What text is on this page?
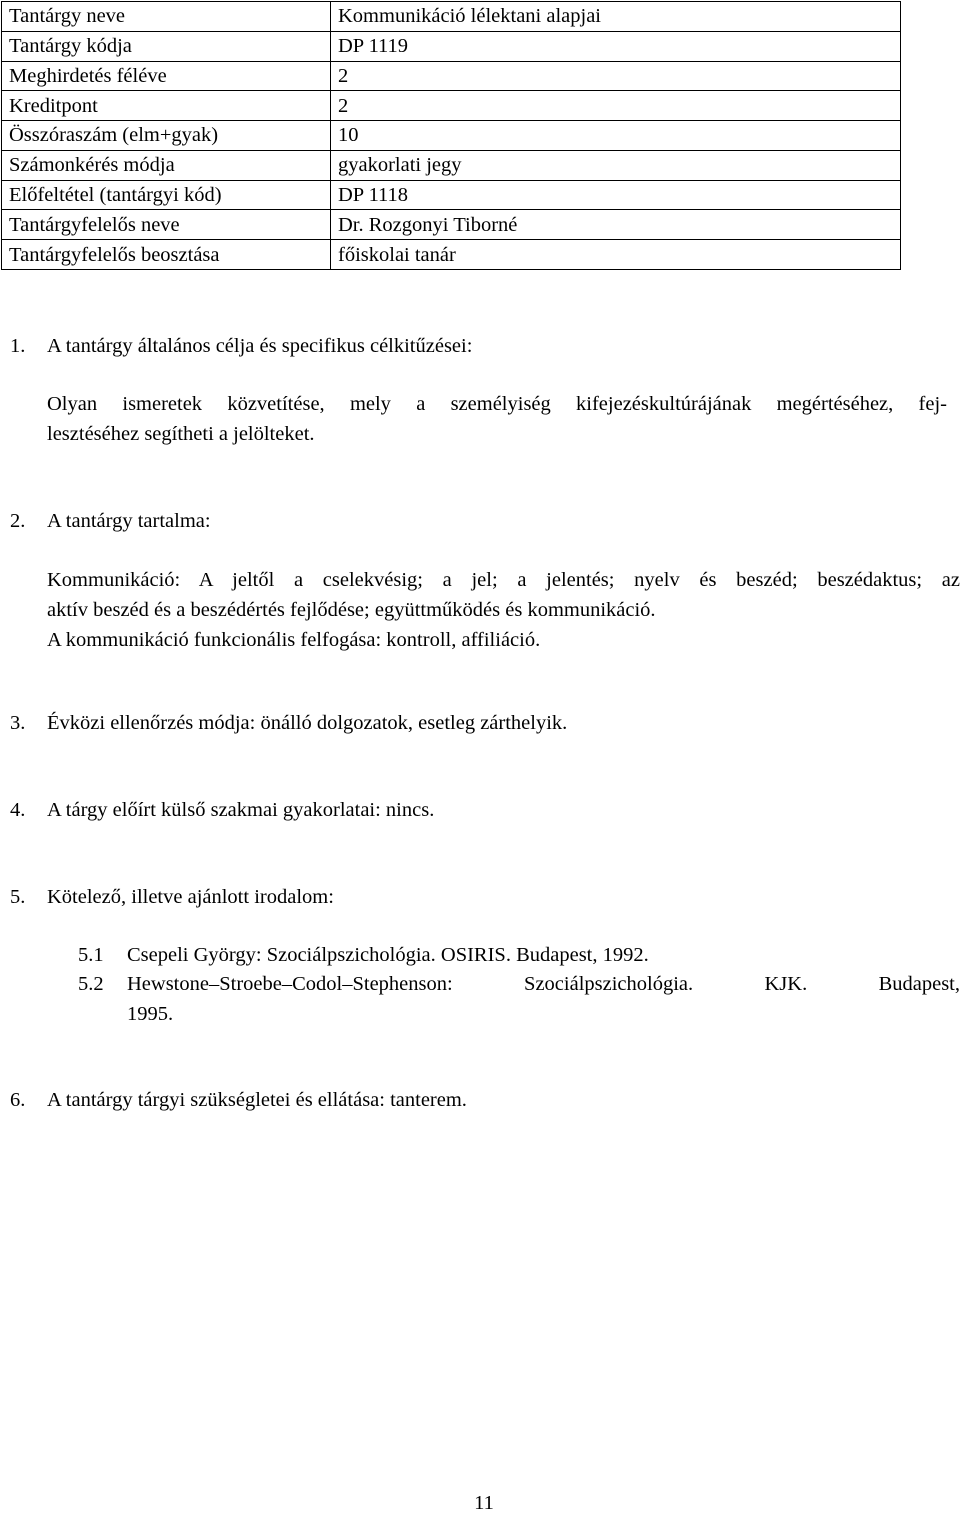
Tantárgy neve	Kommunikáció lélektani alapjai
Tantárgy kódja	DP 1119
Meghirdetés féléve	2
Kreditpont	2
Összóraszám (elm+gyak)	10
Számonkérés módja	gyakorlati jegy
Előfeltétel (tantárgyi kód)	DP 1118
Tantárgyfelelős neve	Dr. Rozgonyi Tiborné
Tantárgyfelelős beosztása	főiskolai tanár
1. A tantárgy általános célja és specifikus célkitűzései:
Olyan ismeretek közvetítése, mely a személyiség kifejezéskultúrájának megértéséhez, fej-
lesztéséhez segítheti a jelölteket.
2. A tantárgy tartalma:
Kommunikáció: A jeltől a cselekvésig; a jel; a jelentés; nyelv és beszéd; beszédaktus; az
aktív beszéd és a beszédértés fejlődése; együttműködés és kommunikáció.
A kommunikáció funkcionális felfogása: kontroll, affiliáció.
3. Évközi ellenőrzés módja: önálló dolgozatok, esetleg zárthelyik.
4. A tárgy előírt külső szakmai gyakorlatai: nincs.
5. Kötelező, illetve ajánlott irodalom:
5.1 Csepeli György: Szociálpszichológia. OSIRIS. Budapest, 1992.
5.2 Hewstone–Stroebe–Codol–Stephenson: Szociálpszichológia. KJK. Budapest,
1995.
6. A tantárgy tárgyi szükségletei és ellátása: tanterem.
11
